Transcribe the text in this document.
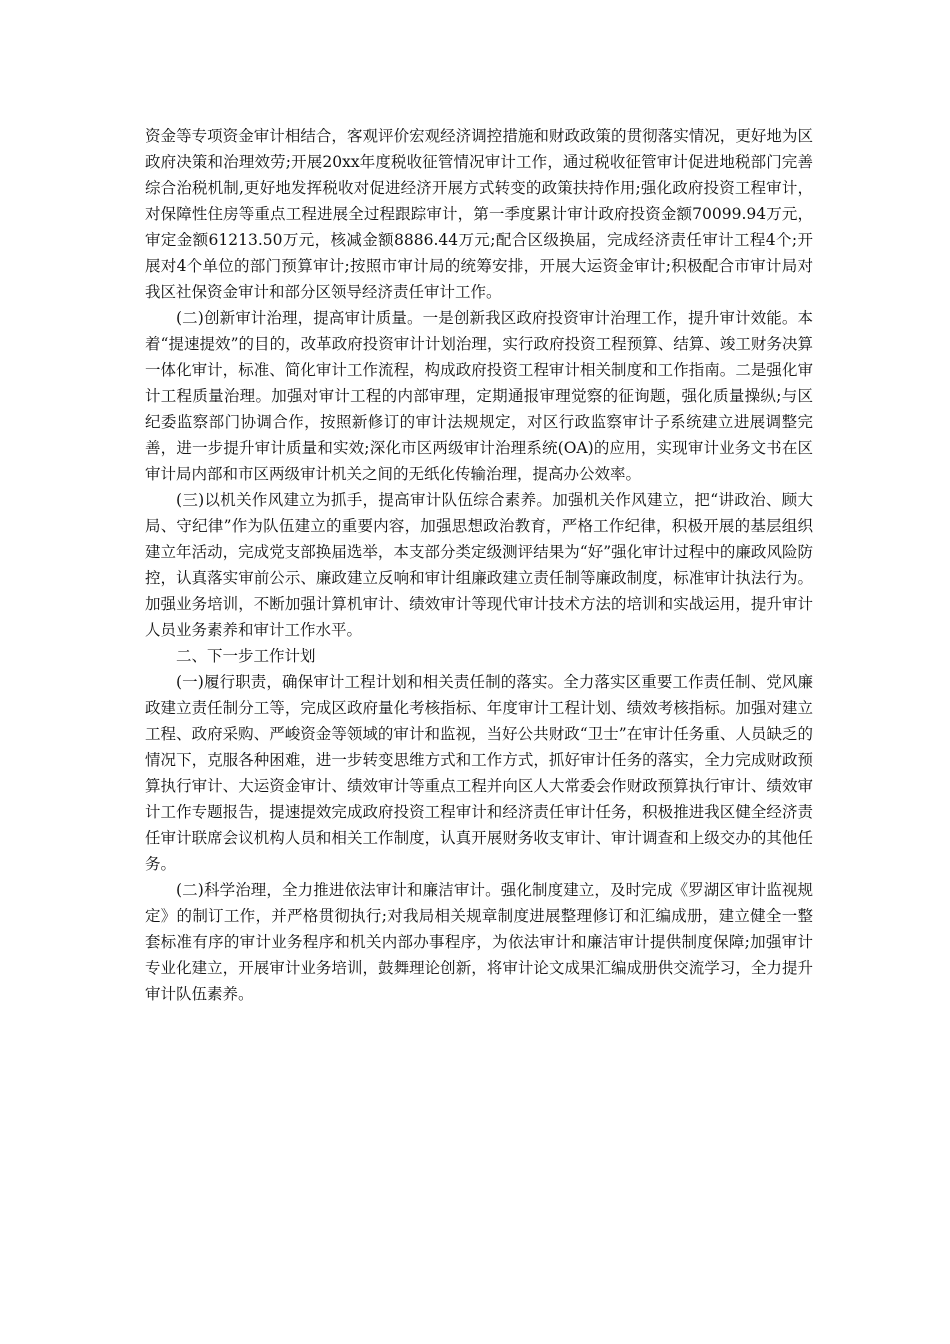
资金等专项资金审计相结合，客观评价宏观经济调控措施和财政政策的贯彻落实情况，更好地为区政府决策和治理效劳;开展20xx年度税收征管情况审计工作，通过税收征管审计促进地税部门完善综合治税机制,更好地发挥税收对促进经济开展方式转变的政策扶持作用;强化政府投资工程审计，对保障性住房等重点工程进展全过程跟踪审计，第一季度累计审计政府投资金额70099.94万元，审定金额61213.50万元，核减金额8886.44万元;配合区级换届，完成经济责任审计工程4个;开展对4个单位的部门预算审计;按照市审计局的统筹安排，开展大运资金审计;积极配合市审计局对我区社保资金审计和部分区领导经济责任审计工作。

(二)创新审计治理，提高审计质量。一是创新我区政府投资审计治理工作，提升审计效能。本着“提速提效”的目的，改革政府投资审计计划治理，实行政府投资工程预算、结算、竣工财务决算一体化审计，标准、简化审计工作流程，构成政府投资工程审计相关制度和工作指南。二是强化审计工程质量治理。加强对审计工程的内部审理，定期通报审理觉察的征询题，强化质量操纵;与区纪委监察部门协调合作，按照新修订的审计法规规定，对区行政监察审计子系统建立进展调整完善，进一步提升审计质量和实效;深化市区两级审计治理系统(OA)的应用，实现审计业务文书在区审计局内部和市区两级审计机关之间的无纸化传输治理，提高办公效率。

(三)以机关作风建立为抓手，提高审计队伍综合素养。加强机关作风建立，把“讲政治、顾大局、守纪律”作为队伍建立的重要内容，加强思想政治教育，严格工作纪律，积极开展的基层组织建立年活动，完成党支部换届选举，本支部分类定级测评结果为“好”强化审计过程中的廉政风险防控，认真落实审前公示、廉政建立反响和审计组廉政建立责任制等廉政制度，标准审计执法行为。加强业务培训，不断加强计算机审计、绩效审计等现代审计技术方法的培训和实战运用，提升审计人员业务素养和审计工作水平。

二、下一步工作计划

(一)履行职责，确保审计工程计划和相关责任制的落实。全力落实区重要工作责任制、党风廉政建立责任制分工等，完成区政府量化考核指标、年度审计工程计划、绩效考核指标。加强对建立工程、政府采购、严峻资金等领域的审计和监视，当好公共财政“卫士”在审计任务重、人员缺乏的情况下，克服各种困难，进一步转变思维方式和工作方式，抓好审计任务的落实，全力完成财政预算执行审计、大运资金审计、绩效审计等重点工程并向区人大常委会作财政预算执行审计、绩效审计工作专题报告，提速提效完成政府投资工程审计和经济责任审计任务，积极推进我区健全经济责任审计联席会议机构人员和相关工作制度，认真开展财务收支审计、审计调查和上级交办的其他任务。

(二)科学治理，全力推进依法审计和廉洁审计。强化制度建立，及时完成《罗湖区审计监视规定》的制订工作，并严格贯彻执行;对我局相关规章制度进展整理修订和汇编成册，建立健全一整套标准有序的审计业务程序和机关内部办事程序，为依法审计和廉洁审计提供制度保障;加强审计专业化建立，开展审计业务培训，鼓舞理论创新，将审计论文成果汇编成册供交流学习，全力提升审计队伍素养。
